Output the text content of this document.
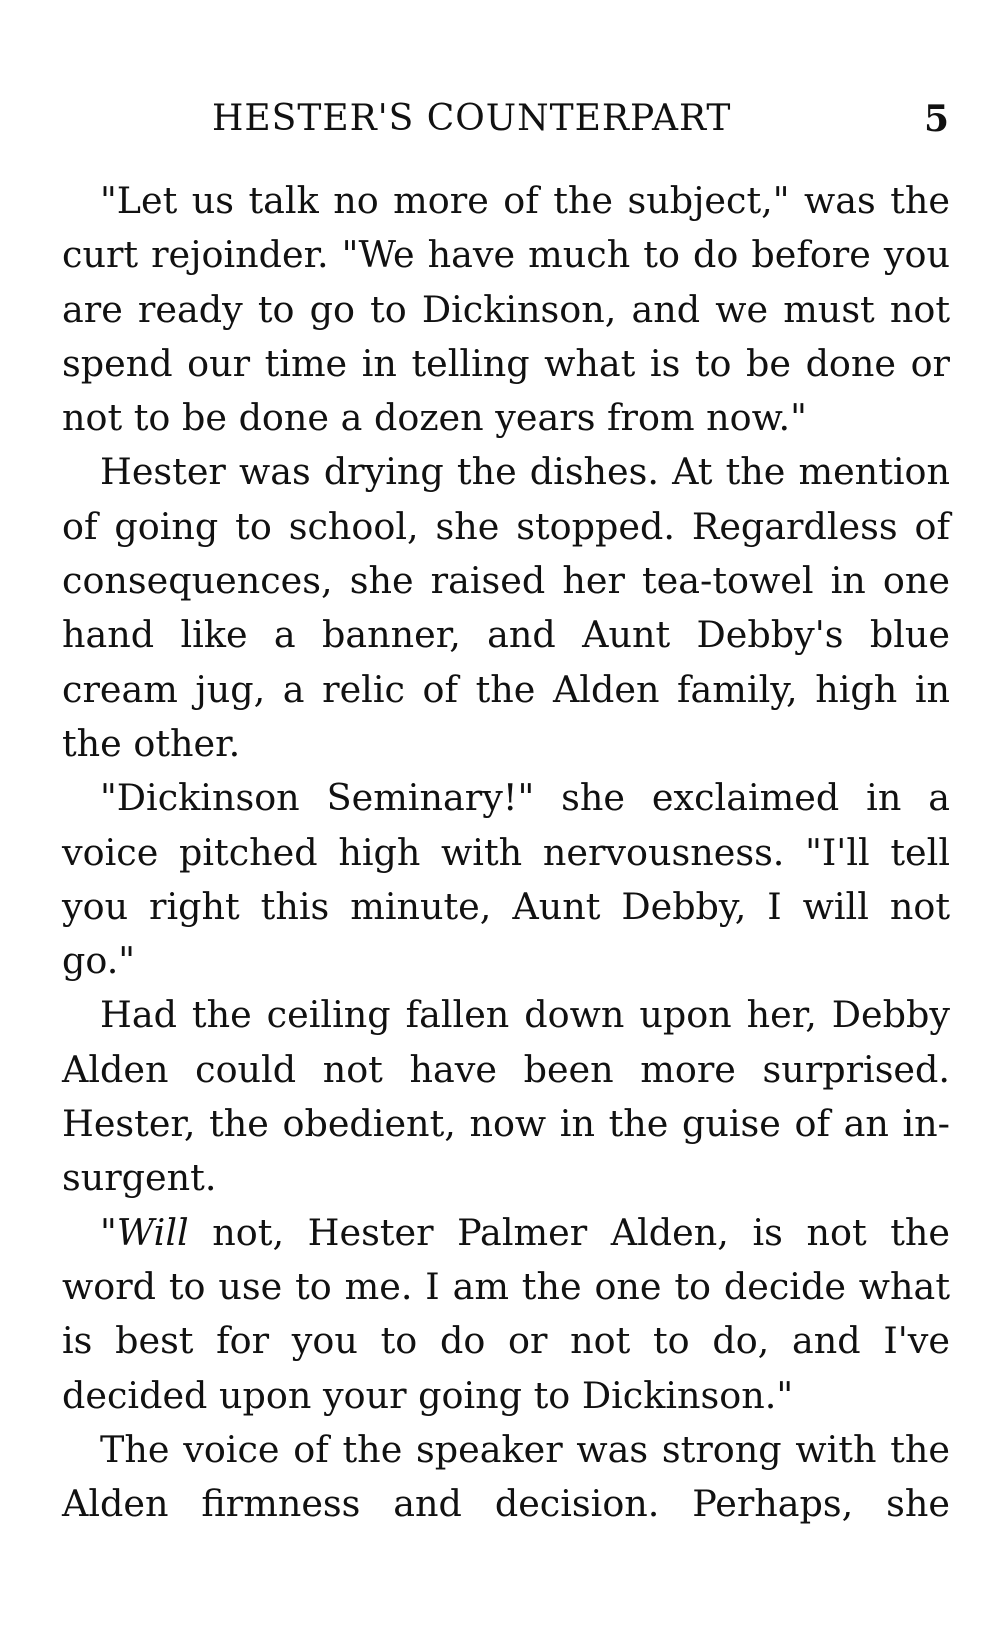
HESTER'S COUNTERPART	5

"Let us talk no more of the subject," was the curt rejoinder. "We have much to do before you are ready to go to Dickinson, and we must not spend our time in telling what is to be done or not to be done a dozen years from now."

Hester was drying the dishes. At the mention of going to school, she stopped. Regardless of consequences, she raised her tea-towel in one hand like a banner, and Aunt Debby's blue cream jug, a relic of the Alden family, high in the other.

"Dickinson Seminary!" she exclaimed in a voice pitched high with nervousness. "I'll tell you right this minute, Aunt Debby, I will not go."

Had the ceiling fallen down upon her, Debby Alden could not have been more surprised. Hester, the obedient, now in the guise of an insurgent.

"Will not, Hester Palmer Alden, is not the word to use to me. I am the one to decide what is best for you to do or not to do, and I've decided upon your going to Dickinson."

The voice of the speaker was strong with the Alden firmness and decision. Perhaps, she
